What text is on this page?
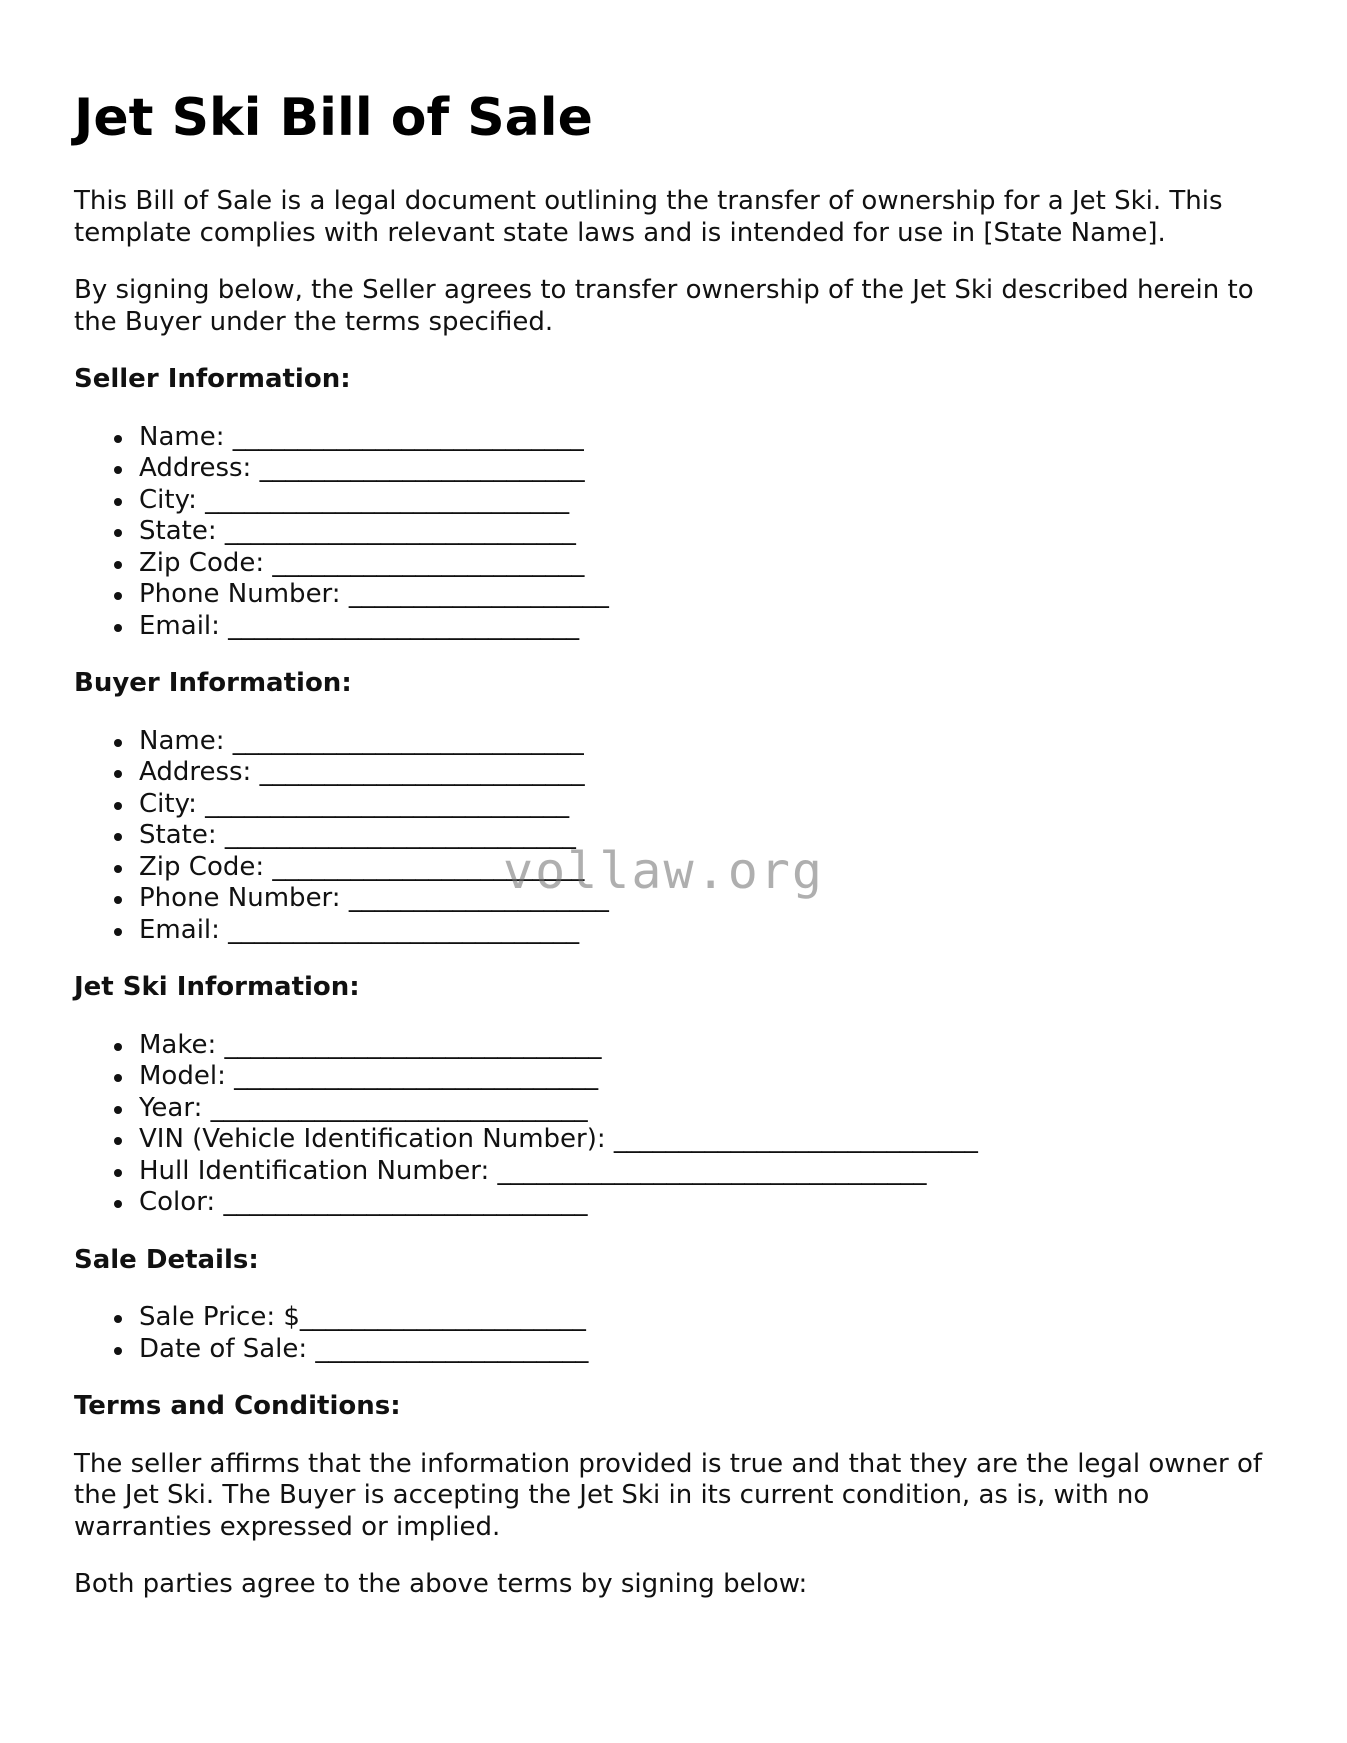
Jet Ski Bill of Sale

This Bill of Sale is a legal document outlining the transfer of ownership for a Jet Ski. This template complies with relevant state laws and is intended for use in [State Name].

By signing below, the Seller agrees to transfer ownership of the Jet Ski described herein to the Buyer under the terms specified.

Seller Information:
Name: ___________________________
Address: _________________________
City: ____________________________
State: ___________________________
Zip Code: ________________________
Phone Number: ____________________
Email: ___________________________
Buyer Information:
Name: ___________________________
Address: _________________________
City: ____________________________
State: ___________________________
Zip Code: ________________________
Phone Number: ____________________
Email: ___________________________
Jet Ski Information:
Make: _____________________________
Model: ____________________________
Year: _____________________________
VIN (Vehicle Identification Number): ____________________________
Hull Identification Number: _________________________________
Color: ____________________________
Sale Details:
Sale Price: $______________________
Date of Sale: _____________________
Terms and Conditions:

The seller affirms that the information provided is true and that they are the legal owner of the Jet Ski. The Buyer is accepting the Jet Ski in its current condition, as is, with no warranties expressed or implied.

Both parties agree to the above terms by signing below:

vollaw.org
